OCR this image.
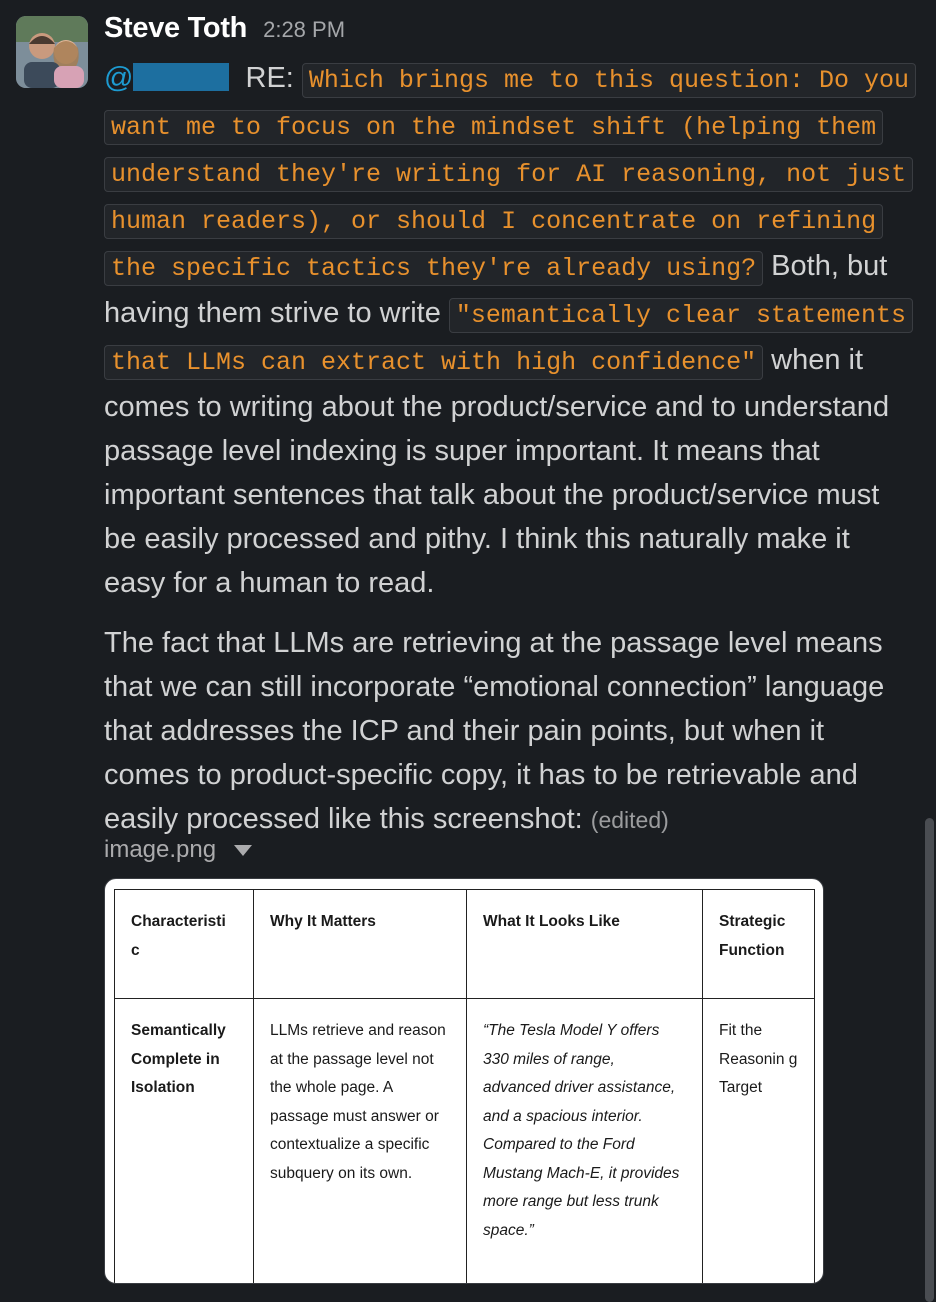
Steve Toth 2:28 PM

@	RE: Which brings me to this question: Do you want me to focus on the mindset shift (helping them understand they're writing for AI reasoning, not just human readers), or should I concentrate on refining the specific tactics they're already using? Both, but having them strive to write "semantically clear statements that LLMs can extract with high confidence" when it comes to writing about the product/service and to understand passage level indexing is super important. It means that important sentences that talk about the product/service must be easily processed and pithy. I think this naturally make it easy for a human to read.

The fact that LLMs are retrieving at the passage level means that we can still incorporate “emotional connection” language that addresses the ICP and their pain points, but when it comes to product-specific copy, it has to be retrievable and easily processed like this screenshot: (edited)

image.png
Characteristi c	Why It Matters	What It Looks Like	Strategic Function
Semantically Complete in Isolation	LLMs retrieve and reason at the passage level not the whole page. A passage must answer or contextualize a specific subquery on its own.	“The Tesla Model Y offers 330 miles of range, advanced driver assistance, and a spacious interior. Compared to the Ford Mustang Mach-E, it provides more range but less trunk space.”	Fit the Reasonin g Target
